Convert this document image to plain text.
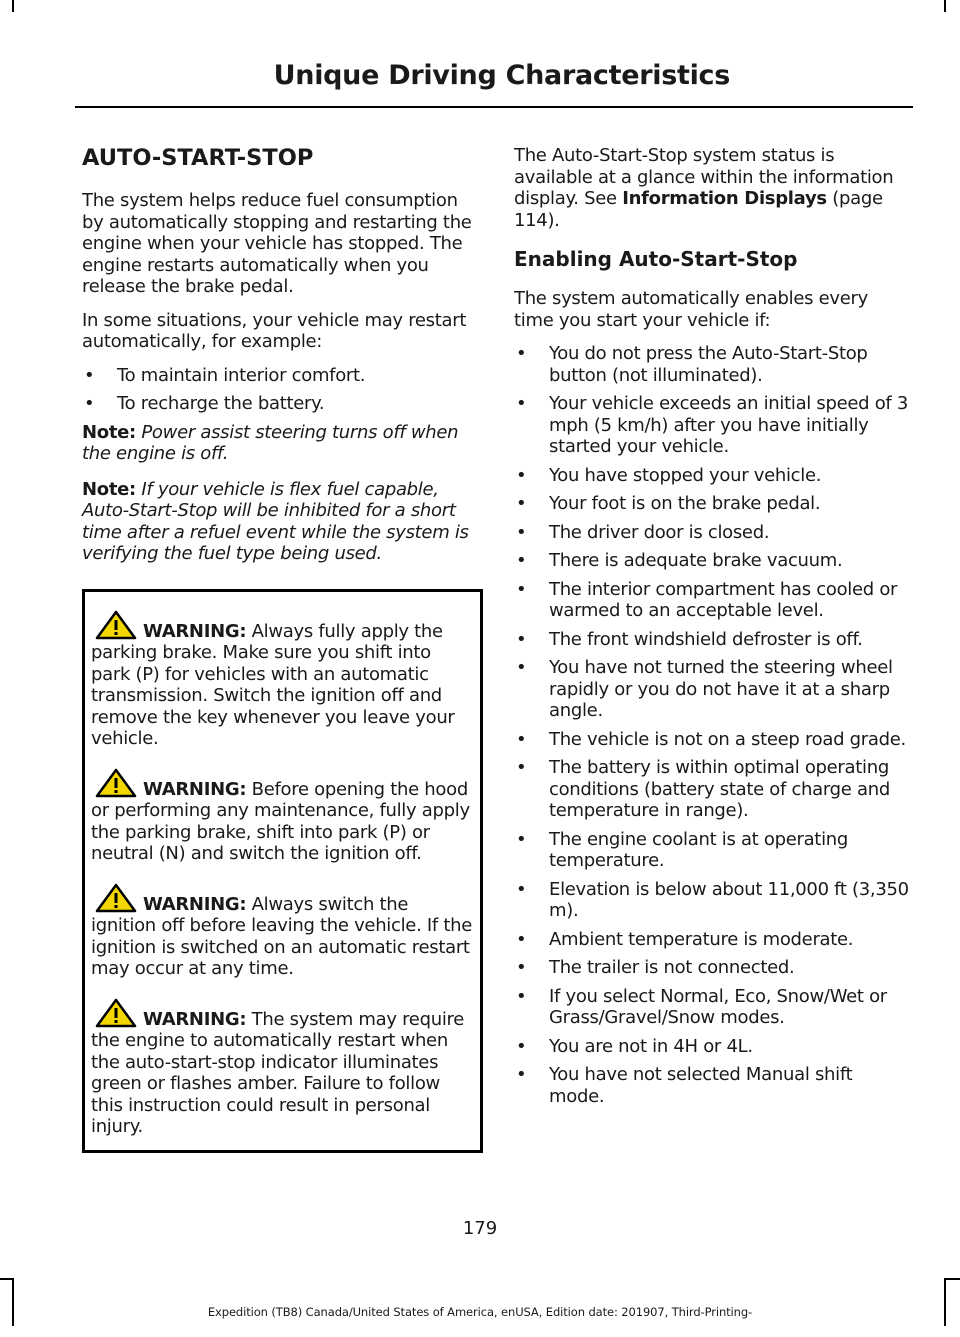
Unique Driving Characteristics
AUTO-START-STOP

The system helps reduce fuel consumption by automatically stopping and restarting the engine when your vehicle has stopped. The engine restarts automatically when you release the brake pedal.

In some situations, your vehicle may restart automatically, for example:

• To maintain interior comfort.
• To recharge the battery.

Note: Power assist steering turns off when the engine is off.

Note: If your vehicle is flex fuel capable, Auto-Start-Stop will be inhibited for a short time after a refuel event while the system is verifying the fuel type being used.

WARNING: Always fully apply the parking brake. Make sure you shift into park (P) for vehicles with an automatic transmission. Switch the ignition off and remove the key whenever you leave your vehicle.
WARNING: Before opening the hood or performing any maintenance, fully apply the parking brake, shift into park (P) or neutral (N) and switch the ignition off.
WARNING: Always switch the ignition off before leaving the vehicle. If the ignition is switched on an automatic restart may occur at any time.
WARNING: The system may require the engine to automatically restart when the auto-start-stop indicator illuminates green or flashes amber. Failure to follow this instruction could result in personal injury.

The Auto-Start-Stop system status is available at a glance within the information display. See Information Displays (page 114).

Enabling Auto-Start-Stop

The system automatically enables every time you start your vehicle if:

• You do not press the Auto-Start-Stop button (not illuminated).
• Your vehicle exceeds an initial speed of 3 mph (5 km/h) after you have initially started your vehicle.
• You have stopped your vehicle.
• Your foot is on the brake pedal.
• The driver door is closed.
• There is adequate brake vacuum.
• The interior compartment has cooled or warmed to an acceptable level.
• The front windshield defroster is off.
• You have not turned the steering wheel rapidly or you do not have it at a sharp angle.
• The vehicle is not on a steep road grade.
• The battery is within optimal operating conditions (battery state of charge and temperature in range).
• The engine coolant is at operating temperature.
• Elevation is below about 11,000 ft (3,350 m).
• Ambient temperature is moderate.
• The trailer is not connected.
• If you select Normal, Eco, Snow/Wet or Grass/Gravel/Snow modes.
• You are not in 4H or 4L.
• You have not selected Manual shift mode.
179
Expedition (TB8) Canada/United States of America, enUSA, Edition date: 201907, Third-Printing-
